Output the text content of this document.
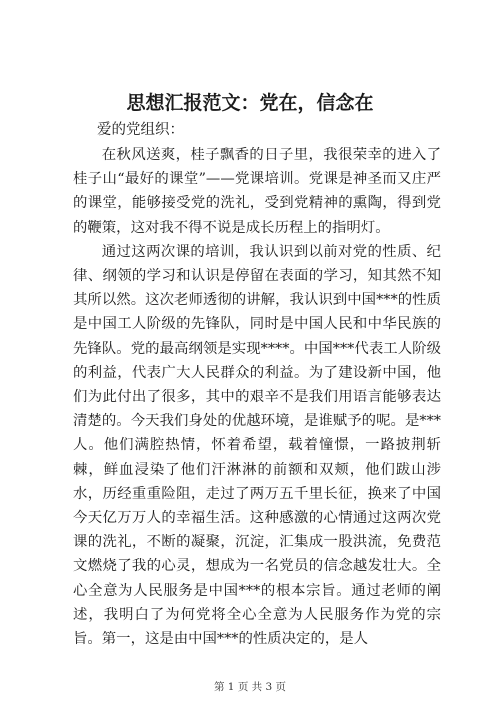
思想汇报范文：党在，信念在

爱的党组织：

在秋风送爽，桂子飘香的日子里，我很荣幸的进入了桂子山“最好的课堂”——党课培训。党课是神圣而又庄严的课堂，能够接受党的洗礼，受到党精神的熏陶，得到党的鞭策，这对我不得不说是成长历程上的指明灯。

通过这两次课的培训，我认识到以前对党的性质、纪律、纲领的学习和认识是停留在表面的学习，知其然不知其所以然。这次老师透彻的讲解，我认识到中国***的性质是中国工人阶级的先锋队，同时是中国人民和中华民族的先锋队。党的最高纲领是实现****。中国***代表工人阶级的利益，代表广大人民群众的利益。为了建设新中国，他们为此付出了很多，其中的艰辛不是我们用语言能够表达清楚的。今天我们身处的优越环境，是谁赋予的呢。是***人。他们满腔热情，怀着希望，载着憧憬，一路披荆斩棘，鲜血浸染了他们汗淋淋的前额和双颊，他们跋山涉水，历经重重险阻，走过了两万五千里长征，换来了中国今天亿万万人的幸福生活。这种感激的心情通过这两次党课的洗礼，不断的凝聚，沉淀，汇集成一股洪流，免费范文燃烧了我的心灵，想成为一名党员的信念越发壮大。全心全意为人民服务是中国***的根本宗旨。通过老师的阐述，我明白了为何党将全心全意为人民服务作为党的宗旨。第一，这是由中国***的性质决定的，是人

第 1 页 共 3 页
